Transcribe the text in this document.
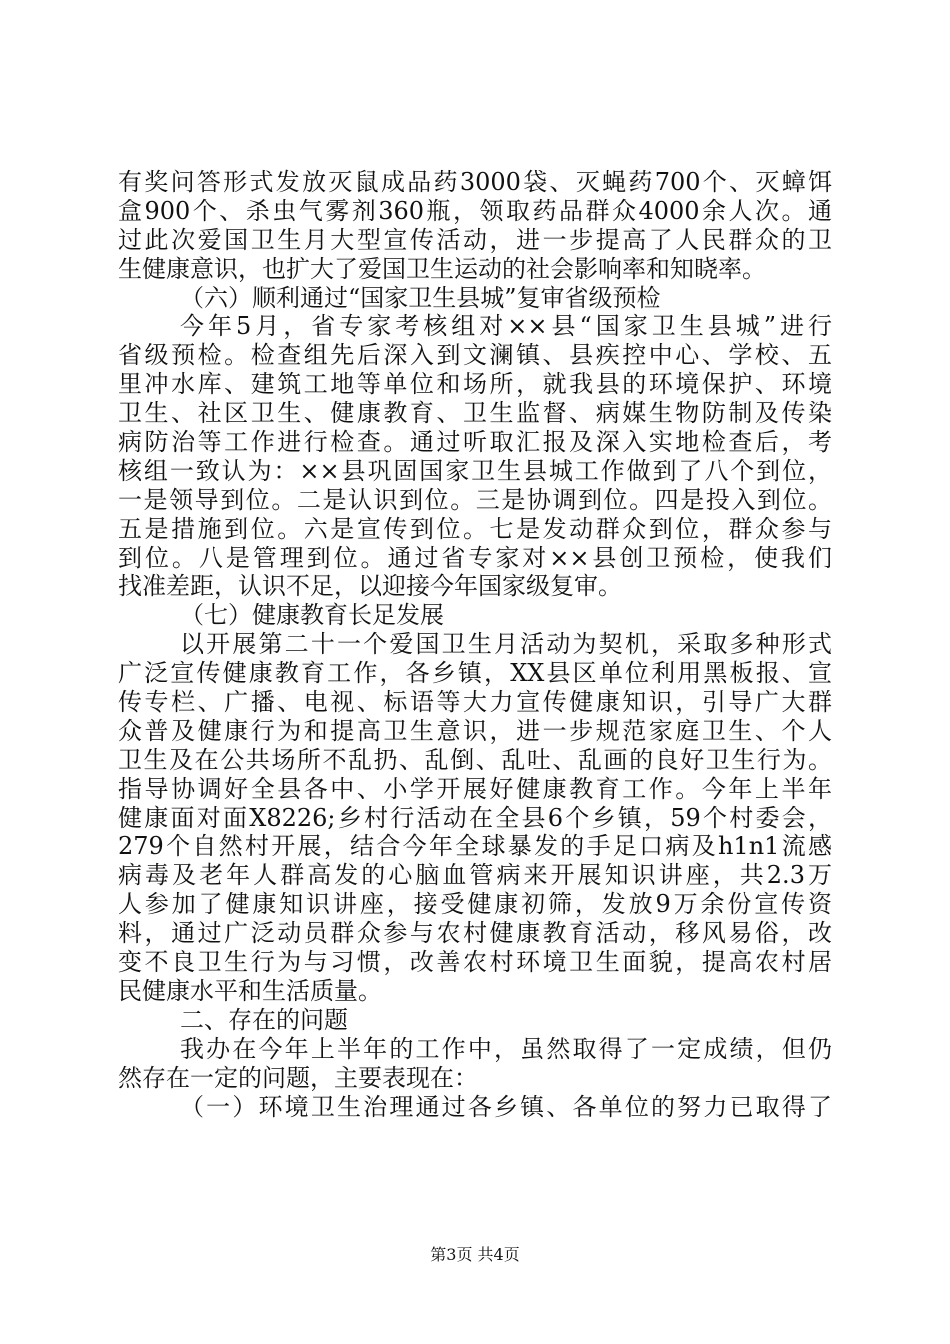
有奖问答形式发放灭鼠成品药3000袋、灭蝇药700个、灭蟑饵
盒900个、杀虫气雾剂360瓶，领取药品群众4000余人次。通
过此次爱国卫生月大型宣传活动，进一步提高了人民群众的卫
生健康意识，也扩大了爱国卫生运动的社会影响率和知晓率。
（六）顺利通过“国家卫生县城”复审省级预检
今年5月，省专家考核组对××县“国家卫生县城”进行
省级预检。检查组先后深入到文澜镇、县疾控中心、学校、五
里冲水库、建筑工地等单位和场所，就我县的环境保护、环境
卫生、社区卫生、健康教育、卫生监督、病媒生物防制及传染
病防治等工作进行检查。通过听取汇报及深入实地检查后，考
核组一致认为：××县巩固国家卫生县城工作做到了八个到位，
一是领导到位。二是认识到位。三是协调到位。四是投入到位。
五是措施到位。六是宣传到位。七是发动群众到位，群众参与
到位。八是管理到位。通过省专家对××县创卫预检，使我们
找准差距，认识不足，以迎接今年国家级复审。
（七）健康教育长足发展
以开展第二十一个爱国卫生月活动为契机，采取多种形式
广泛宣传健康教育工作，各乡镇，XX县区单位利用黑板报、宣
传专栏、广播、电视、标语等大力宣传健康知识，引导广大群
众普及健康行为和提高卫生意识，进一步规范家庭卫生、个人
卫生及在公共场所不乱扔、乱倒、乱吐、乱画的良好卫生行为。
指导协调好全县各中、小学开展好健康教育工作。今年上半年
健康面对面X8226;乡村行活动在全县6个乡镇，59个村委会，
279个自然村开展，结合今年全球暴发的手足口病及h1n1流感
病毒及老年人群高发的心脑血管病来开展知识讲座，共2.3万
人参加了健康知识讲座，接受健康初筛，发放9万余份宣传资
料，通过广泛动员群众参与农村健康教育活动，移风易俗，改
变不良卫生行为与习惯，改善农村环境卫生面貌，提高农村居
民健康水平和生活质量。
二、存在的问题
我办在今年上半年的工作中，虽然取得了一定成绩，但仍
然存在一定的问题，主要表现在：
（一）环境卫生治理通过各乡镇、各单位的努力已取得了
第3页 共4页
